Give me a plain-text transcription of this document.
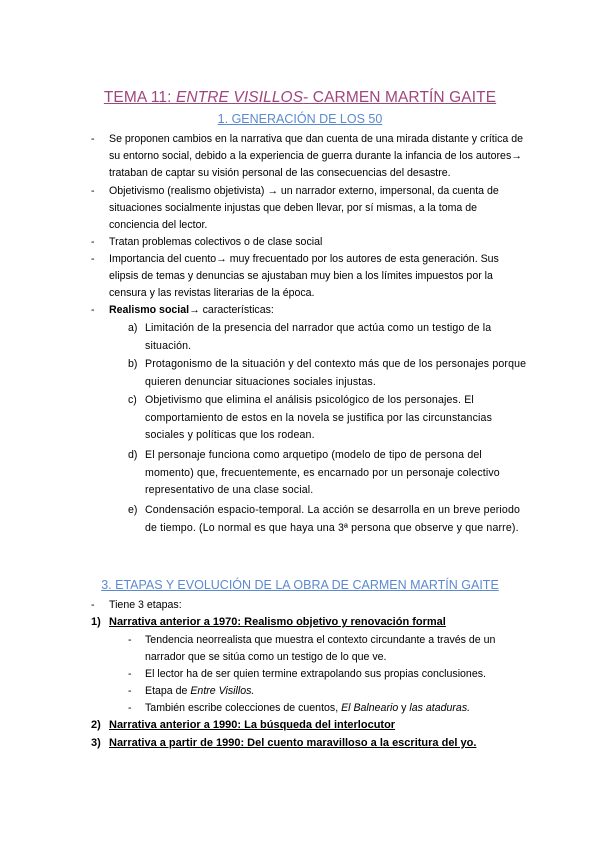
TEMA 11: ENTRE VISILLOS- CARMEN MARTÍN GAITE
1. GENERACIÓN DE LOS 50
- Se proponen cambios en la narrativa que dan cuenta de una mirada distante y crítica de su entorno social, debido a la experiencia de guerra durante la infancia de los autores→ trataban de captar su visión personal de las consecuencias del desastre.
- Objetivismo (realismo objetivista) → un narrador externo, impersonal, da cuenta de situaciones socialmente injustas que deben llevar, por sí mismas, a la toma de conciencia del lector.
- Tratan problemas colectivos o de clase social
- Importancia del cuento→ muy frecuentado por los autores de esta generación. Sus elipsis de temas y denuncias se ajustaban muy bien a los límites impuestos por la censura y las revistas literarias de la época.
- Realismo social→ características:
a) Limitación de la presencia del narrador que actúa como un testigo de la situación.
b) Protagonismo de la situación y del contexto más que de los personajes porque quieren denunciar situaciones sociales injustas.
c) Objetivismo que elimina el análisis psicológico de los personajes. El comportamiento de estos en la novela se justifica por las circunstancias sociales y políticas que los rodean.
d) El personaje funciona como arquetipo (modelo de tipo de persona del momento) que, frecuentemente, es encarnado por un personaje colectivo representativo de una clase social.
e) Condensación espacio-temporal. La acción se desarrolla en un breve periodo de tiempo. (Lo normal es que haya una 3ª persona que observe y que narre).
3. ETAPAS Y EVOLUCIÓN DE LA OBRA DE CARMEN MARTÍN GAITE
- Tiene 3 etapas:
1) Narrativa anterior a 1970: Realismo objetivo y renovación formal
- Tendencia neorrealista que muestra el contexto circundante a través de un narrador que se sitúa como un testigo de lo que ve.
- El lector ha de ser quien termine extrapolando sus propias conclusiones.
- Etapa de Entre Visillos.
- También escribe colecciones de cuentos, El Balneario y las ataduras.
2) Narrativa anterior a 1990: La búsqueda del interlocutor
3) Narrativa a partir de 1990: Del cuento maravilloso a la escritura del yo.
